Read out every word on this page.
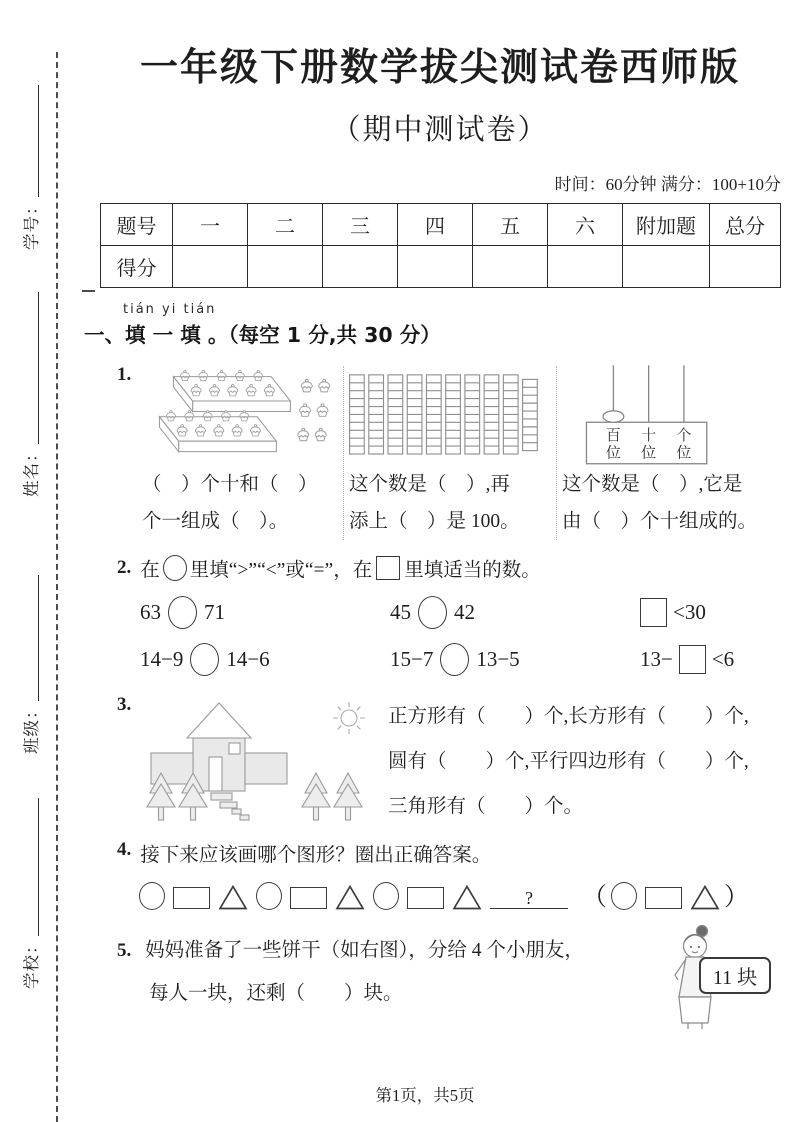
学号：
姓名：
班级：
学校：
一年级下册数学拔尖测试卷西师版
（期中测试卷）
时间：60分钟 满分：100+10分
题号	一	二	三	四	五	六	附加题	总分
得分								
tián yi tián
一、填 一 填 。（每空 1 分,共 30 分）
1.
（　）个十和（　）
个一组成（　）。
这个数是（　）,再
添上（　）是 100。
百
位
十
位
个
位
这个数是（　）,它是
由（　）个十组成的。
2. 在 里填“>”“<”或“=”，在 里填适当的数。
63 71	45 42	<30
14−9 14−6	15−7 13−5	13− <6
3.
正方形有（　　）个,长方形有（　　）个,
圆有（　　）个,平行四边形有（　　）个,
三角形有（　　）个。
4. 接下来应该画哪个图形？圈出正确答案。
?	（	）
5. 妈妈准备了一些饼干（如右图），分给 4 个小朋友，
每人一块，还剩（　　）块。
11 块
第1页，共5页
